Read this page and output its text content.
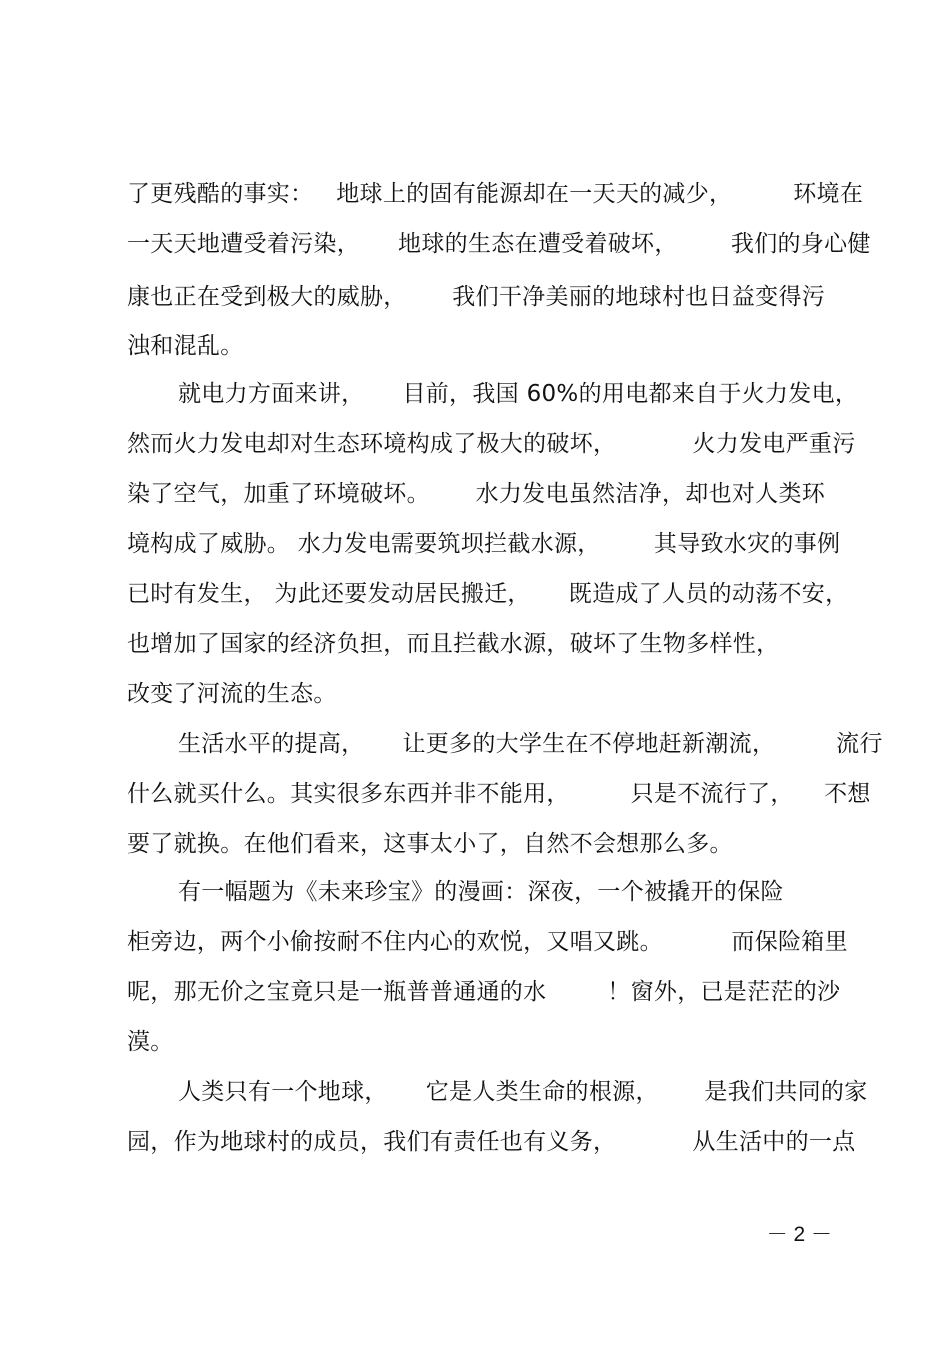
了更残酷的事实：   地球上的固有能源却在一天天的减少，        环境在

一天天地遭受着污染，     地球的生态在遭受着破坏，       我们的身心健

康也正在受到极大的威胁，      我们干净美丽的地球村也日益变得污

浊和混乱。

就电力方面来讲，     目前，我国 60%的用电都来自于火力发电，

然而火力发电却对生态环境构成了极大的破坏，          火力发电严重污

染了空气，加重了环境破坏。      水力发电虽然洁净，却也对人类环

境构成了威胁。 水力发电需要筑坝拦截水源，       其导致水灾的事例

已时有发生， 为此还要发动居民搬迁，     既造成了人员的动荡不安，

也增加了国家的经济负担，而且拦截水源，破坏了生物多样性，

改变了河流的生态。

生活水平的提高，     让更多的大学生在不停地赶新潮流，        流行

什么就买什么。其实很多东西并非不能用，        只是不流行了，    不想

要了就换。在他们看来，这事太小了，自然不会想那么多。

有一幅题为《未来珍宝》的漫画：深夜，一个被撬开的保险

柜旁边，两个小偷按耐不住内心的欢悦，又唱又跳。         而保险箱里

呢，那无价之宝竟只是一瓶普普通通的水        ！窗外，已是茫茫的沙

漠。

人类只有一个地球，     它是人类生命的根源，      是我们共同的家

园，作为地球村的成员，我们有责任也有义务，          从生活中的一点

－ 2 －
